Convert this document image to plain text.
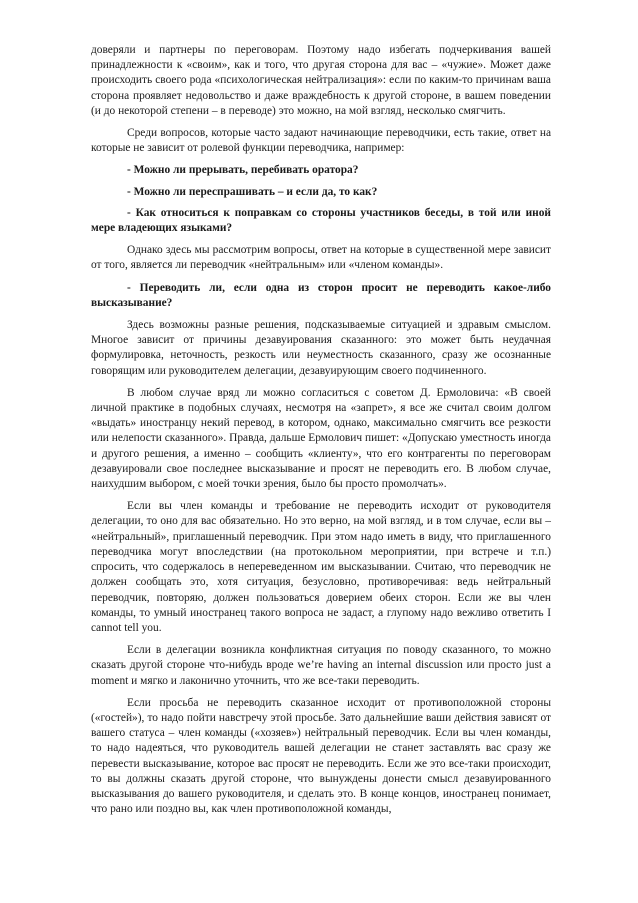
доверяли и партнеры по переговорам. Поэтому надо избегать подчеркивания вашей принадлежности к «своим», как и того, что другая сторона для вас – «чужие». Может даже происходить своего рода «психологическая нейтрализация»: если по каким-то причинам ваша сторона проявляет недовольство и даже враждебность к другой стороне, в вашем поведении (и до некоторой степени – в переводе) это можно, на мой взгляд, несколько смягчить.

Среди вопросов, которые часто задают начинающие переводчики, есть такие, ответ на которые не зависит от ролевой функции переводчика, например:

- Можно ли прерывать, перебивать оратора?

- Можно ли переспрашивать – и если да, то как?

- Как относиться к поправкам со стороны участников беседы, в той или иной мере владеющих языками?

Однако здесь мы рассмотрим вопросы, ответ на которые в существенной мере зависит от того, является ли переводчик «нейтральным» или «членом команды».

- Переводить ли, если одна из сторон просит не переводить какое-либо высказывание?

Здесь возможны разные решения, подсказываемые ситуацией и здравым смыслом. Многое зависит от причины дезавуирования сказанного: это может быть неудачная формулировка, неточность, резкость или неуместность сказанного, сразу же осознанные говорящим или руководителем делегации, дезавуирующим своего подчиненного.

В любом случае вряд ли можно согласиться с советом Д. Ермоловича: «В своей личной практике в подобных случаях, несмотря на «запрет», я все же считал своим долгом «выдать» иностранцу некий перевод, в котором, однако, максимально смягчить все резкости или нелепости сказанного». Правда, дальше Ермолович пишет: «Допускаю уместность иногда и другого решения, а именно – сообщить «клиенту», что его контрагенты по переговорам дезавуировали свое последнее высказывание и просят не переводить его. В любом случае, наихудшим выбором, с моей точки зрения, было бы просто промолчать».

Если вы член команды и требование не переводить исходит от руководителя делегации, то оно для вас обязательно. Но это верно, на мой взгляд, и в том случае, если вы – «нейтральный», приглашенный переводчик. При этом надо иметь в виду, что приглашенного переводчика могут впоследствии (на протокольном мероприятии, при встрече и т.п.) спросить, что содержалось в непереведенном им высказывании. Считаю, что переводчик не должен сообщать это, хотя ситуация, безусловно, противоречивая: ведь нейтральный переводчик, повторяю, должен пользоваться доверием обеих сторон. Если же вы член команды, то умный иностранец такого вопроса не задаст, а глупому надо вежливо ответить I cannot tell you.

Если в делегации возникла конфликтная ситуация по поводу сказанного, то можно сказать другой стороне что-нибудь вроде we’re having an internal discussion или просто just a moment и мягко и лаконично уточнить, что же все-таки переводить.

Если просьба не переводить сказанное исходит от противоположной стороны («гостей»), то надо пойти навстречу этой просьбе. Зато дальнейшие ваши действия зависят от вашего статуса – член команды («хозяев») нейтральный переводчик. Если вы член команды, то надо надеяться, что руководитель вашей делегации не станет заставлять вас сразу же перевести высказывание, которое вас просят не переводить. Если же это все-таки происходит, то вы должны сказать другой стороне, что вынуждены донести смысл дезавуированного высказывания до вашего руководителя, и сделать это. В конце концов, иностранец понимает, что рано или поздно вы, как член противоположной команды,
